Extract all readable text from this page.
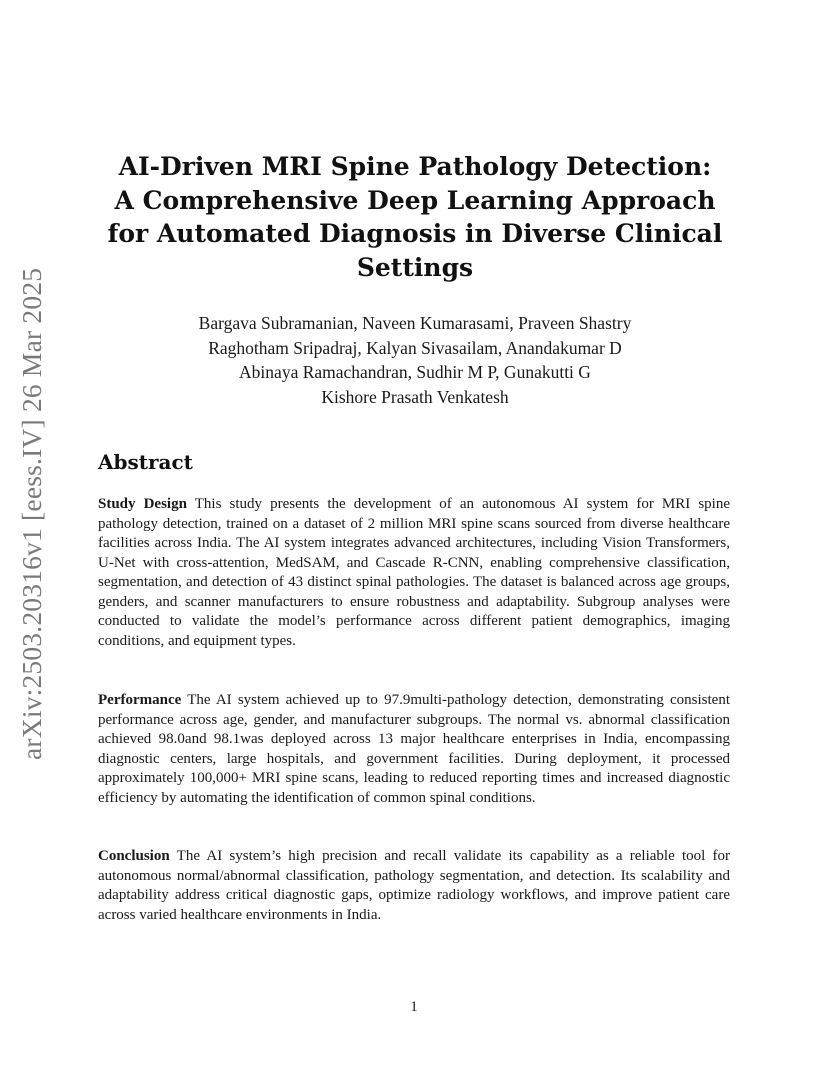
arXiv:2503.20316v1 [eess.IV] 26 Mar 2025
AI-Driven MRI Spine Pathology Detection:
A Comprehensive Deep Learning Approach
for Automated Diagnosis in Diverse Clinical
Settings
Bargava Subramanian, Naveen Kumarasami, Praveen Shastry
Raghotham Sripadraj, Kalyan Sivasailam, Anandakumar D
Abinaya Ramachandran, Sudhir M P, Gunakutti G
Kishore Prasath Venkatesh
Abstract

Study Design This study presents the development of an autonomous AI system for MRI spine pathology detection, trained on a dataset of 2 million MRI spine scans sourced from diverse healthcare facilities across India. The AI system integrates advanced architectures, including Vision Transformers, U-Net with cross-attention, MedSAM, and Cascade R-CNN, enabling comprehensive classification, segmentation, and detection of 43 distinct spinal pathologies. The dataset is balanced across age groups, genders, and scanner manufacturers to ensure robustness and adaptability. Subgroup analyses were conducted to validate the model’s performance across different patient demographics, imaging conditions, and equipment types.

Performance The AI system achieved up to 97.9multi-pathology detection, demonstrating consistent performance across age, gender, and manufacturer subgroups. The normal vs. abnormal classification achieved 98.0and 98.1was deployed across 13 major healthcare enterprises in India, encompassing diagnostic centers, large hospitals, and government facilities. During deployment, it processed approximately 100,000+ MRI spine scans, leading to reduced reporting times and increased diagnostic efficiency by automating the identification of common spinal conditions.

Conclusion The AI system’s high precision and recall validate its capability as a reliable tool for autonomous normal/abnormal classification, pathology segmentation, and detection. Its scalability and adaptability address critical diagnostic gaps, optimize radiology workflows, and improve patient care across varied healthcare environments in India.

1
